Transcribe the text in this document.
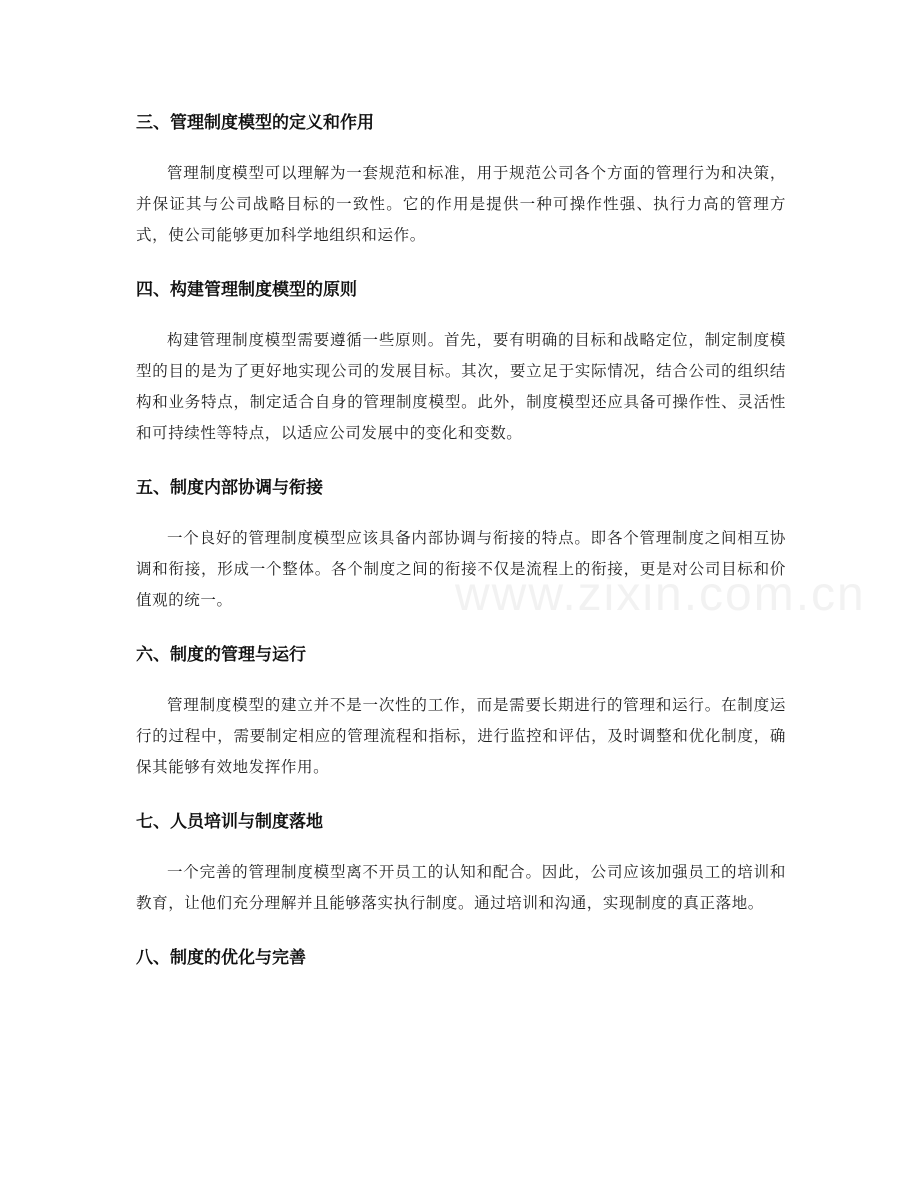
三、管理制度模型的定义和作用

管理制度模型可以理解为一套规范和标准，用于规范公司各个方面的管理行为和决策，并保证其与公司战略目标的一致性。它的作用是提供一种可操作性强、执行力高的管理方式，使公司能够更加科学地组织和运作。

四、构建管理制度模型的原则

构建管理制度模型需要遵循一些原则。首先，要有明确的目标和战略定位，制定制度模型的目的是为了更好地实现公司的发展目标。其次，要立足于实际情况，结合公司的组织结构和业务特点，制定适合自身的管理制度模型。此外，制度模型还应具备可操作性、灵活性和可持续性等特点，以适应公司发展中的变化和变数。

五、制度内部协调与衔接

一个良好的管理制度模型应该具备内部协调与衔接的特点。即各个管理制度之间相互协调和衔接，形成一个整体。各个制度之间的衔接不仅是流程上的衔接，更是对公司目标和价值观的统一。

六、制度的管理与运行

管理制度模型的建立并不是一次性的工作，而是需要长期进行的管理和运行。在制度运行的过程中，需要制定相应的管理流程和指标，进行监控和评估，及时调整和优化制度，确保其能够有效地发挥作用。

七、人员培训与制度落地

一个完善的管理制度模型离不开员工的认知和配合。因此，公司应该加强员工的培训和教育，让他们充分理解并且能够落实执行制度。通过培训和沟通，实现制度的真正落地。

八、制度的优化与完善
www.zixin.com.cn
